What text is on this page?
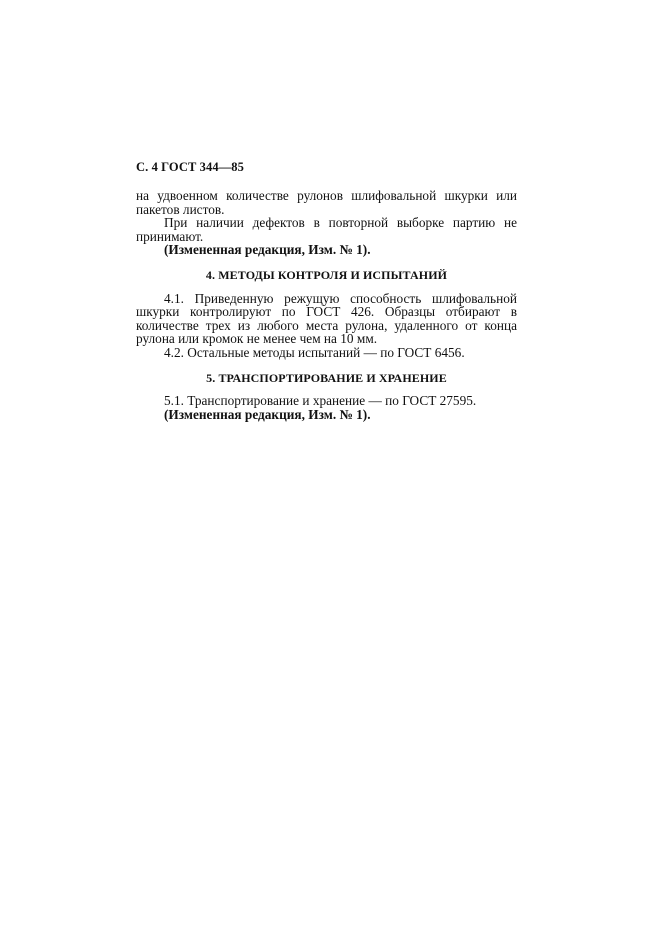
С. 4 ГОСТ 344—85

на удвоенном количестве рулонов шлифовальной шкурки или пакетов листов.

При наличии дефектов в повторной выборке партию не принимают.

(Измененная редакция, Изм. № 1).

4. МЕТОДЫ КОНТРОЛЯ И ИСПЫТАНИЙ

4.1. Приведенную режущую способность шлифовальной шкурки контролируют по ГОСТ 426. Образцы отбирают в количестве трех из любого места рулона, удаленного от конца рулона или кромок не менее чем на 10 мм.

4.2. Остальные методы испытаний — по ГОСТ 6456.

5. ТРАНСПОРТИРОВАНИЕ И ХРАНЕНИЕ

5.1. Транспортирование и хранение — по ГОСТ 27595.

(Измененная редакция, Изм. № 1).
